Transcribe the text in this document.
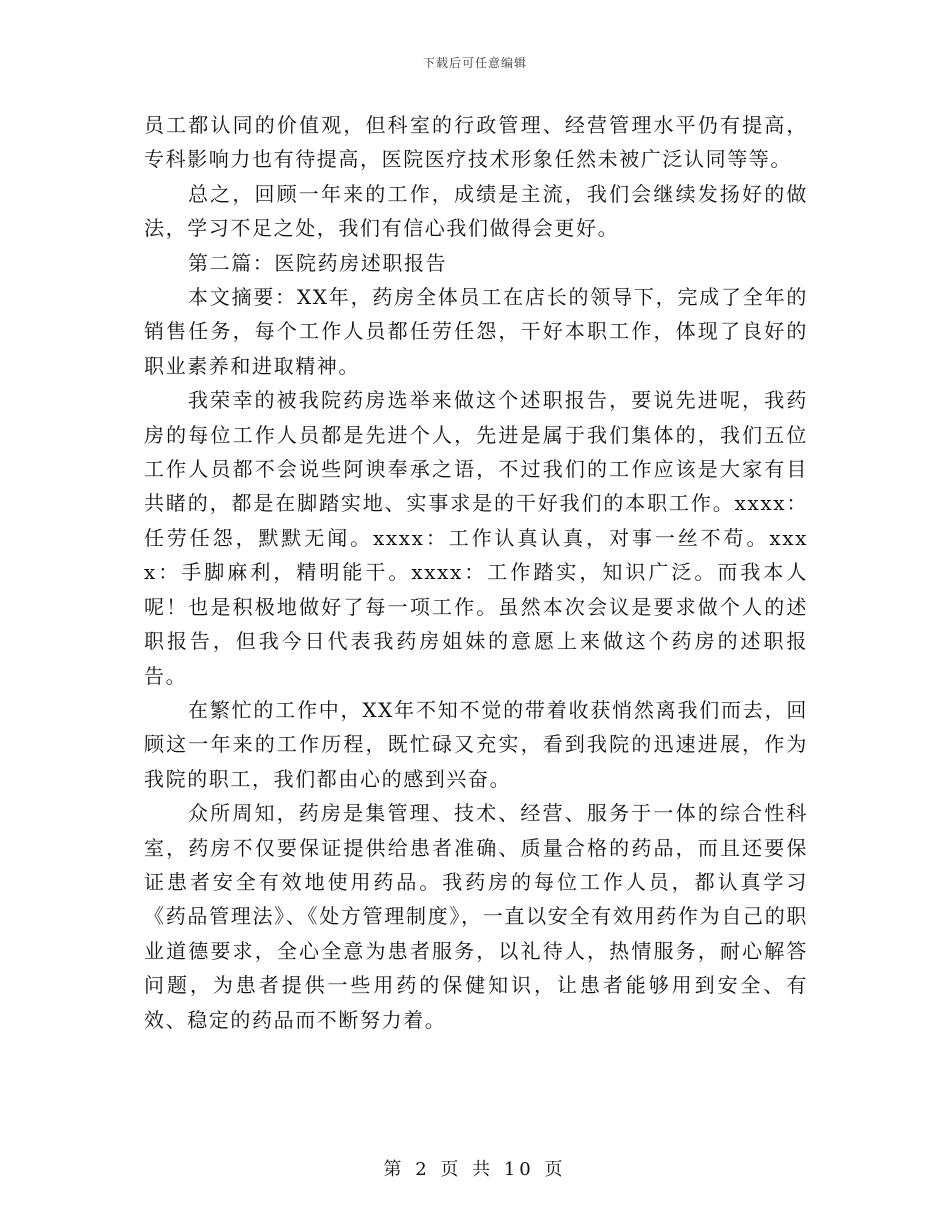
下载后可任意编辑

员工都认同的价值观，但科室的行政管理、经营管理水平仍有提高，专科影响力也有待提高，医院医疗技术形象任然未被广泛认同等等。

总之，回顾一年来的工作，成绩是主流，我们会继续发扬好的做法，学习不足之处，我们有信心我们做得会更好。

第二篇：医院药房述职报告

本文摘要：XX年，药房全体员工在店长的领导下，完成了全年的销售任务，每个工作人员都任劳任怨，干好本职工作，体现了良好的职业素养和进取精神。

我荣幸的被我院药房选举来做这个述职报告，要说先进呢，我药房的每位工作人员都是先进个人，先进是属于我们集体的，我们五位工作人员都不会说些阿谀奉承之语，不过我们的工作应该是大家有目共睹的，都是在脚踏实地、实事求是的干好我们的本职工作。xxxx：任劳任怨，默默无闻。xxxx：工作认真认真，对事一丝不苟。xxxx：手脚麻利，精明能干。xxxx：工作踏实，知识广泛。而我本人呢！也是积极地做好了每一项工作。虽然本次会议是要求做个人的述职报告，但我今日代表我药房姐妹的意愿上来做这个药房的述职报告。

在繁忙的工作中，XX年不知不觉的带着收获悄然离我们而去，回顾这一年来的工作历程，既忙碌又充实，看到我院的迅速进展，作为我院的职工，我们都由心的感到兴奋。

众所周知，药房是集管理、技术、经营、服务于一体的综合性科室，药房不仅要保证提供给患者准确、质量合格的药品，而且还要保证患者安全有效地使用药品。我药房的每位工作人员，都认真学习《药品管理法》、《处方管理制度》，一直以安全有效用药作为自己的职业道德要求，全心全意为患者服务，以礼待人，热情服务，耐心解答问题，为患者提供一些用药的保健知识，让患者能够用到安全、有效、稳定的药品而不断努力着。

第 2 页 共 10 页
